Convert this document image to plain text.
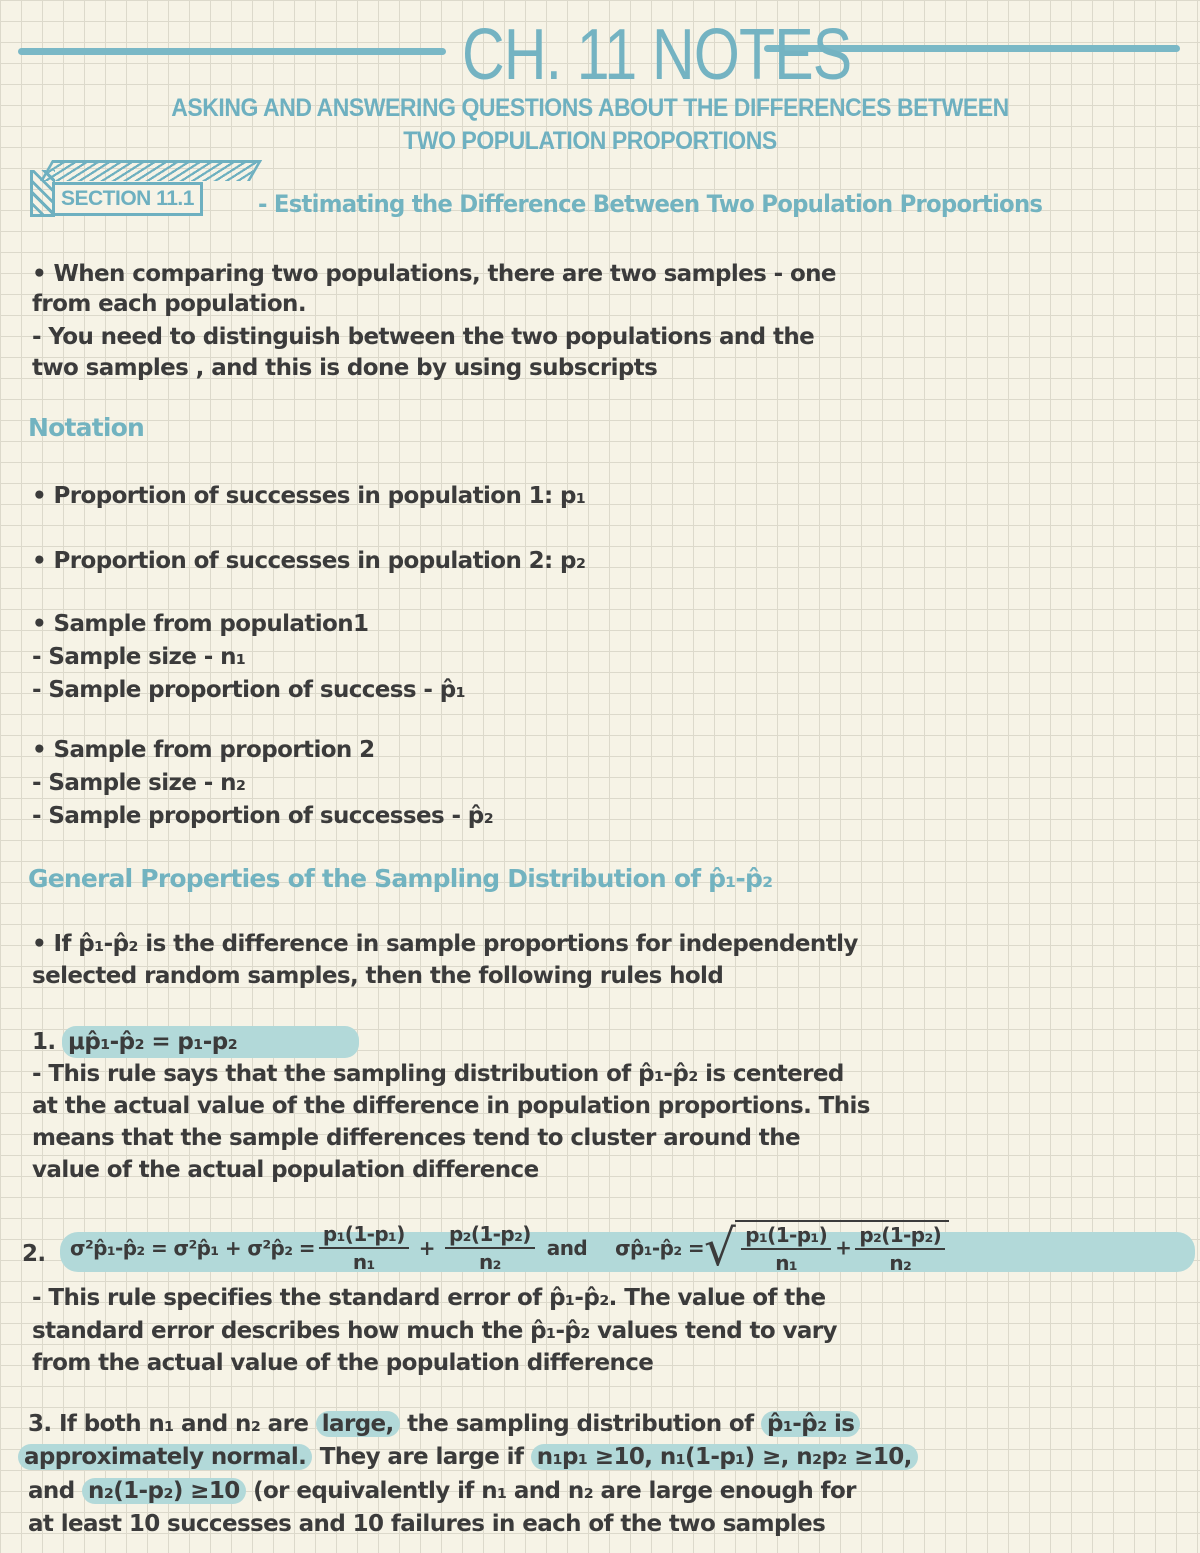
CH. 11 NOTES
ASKING AND ANSWERING QUESTIONS ABOUT THE DIFFERENCES BETWEEN
TWO POPULATION PROPORTIONS
SECTION 11.1	- Estimating the Difference Between Two Population Proportions
• When comparing two populations, there are two samples - one
from each population.
- You need to distinguish between the two populations and the
two samples , and this is done by using subscripts
Notation
• Proportion of successes in population 1: p₁
• Proportion of successes in population 2: p₂
• Sample from population1
- Sample size - n₁
- Sample proportion of success - p̂₁
• Sample from proportion 2
- Sample size - n₂
- Sample proportion of successes - p̂₂
General Properties of the Sampling Distribution of p̂₁-p̂₂
• If p̂₁-p̂₂ is the difference in sample proportions for independently
selected random samples, then the following rules hold
1. μp̂₁-p̂₂ = p₁-p₂
- This rule says that the sampling distribution of p̂₁-p̂₂ is centered
at the actual value of the difference in population proportions. This
means that the sample differences tend to cluster around the
value of the actual population difference
2. σ²p̂₁-p̂₂ = σ²p̂₁ + σ²p̂₂ = $\frac{\text{p₁(1-p₁)}}{\text{n₁}} + \frac{\text{p₂(1-p₂)}}{\text{n₂}}$ and σp̂₁-p̂₂ = √ $\frac{\text{p₁(1-p₁)}}{\text{n₁}} + \frac{\text{p₂(1-p₂)}}{\text{n₂}}$
- This rule specifies the standard error of p̂₁-p̂₂. The value of the
standard error describes how much the p̂₁-p̂₂ values tend to vary
from the actual value of the population difference
3. If both n₁ and n₂ are large, the sampling distribution of p̂₁-p̂₂ is
approximately normal. They are large if n₁p₁ ≥10, n₁(1-p₁) ≥, n₂p₂ ≥10,
and n₂(1-p₂) ≥10 (or equivalently if n₁ and n₂ are large enough for
at least 10 successes and 10 failures in each of the two samples
